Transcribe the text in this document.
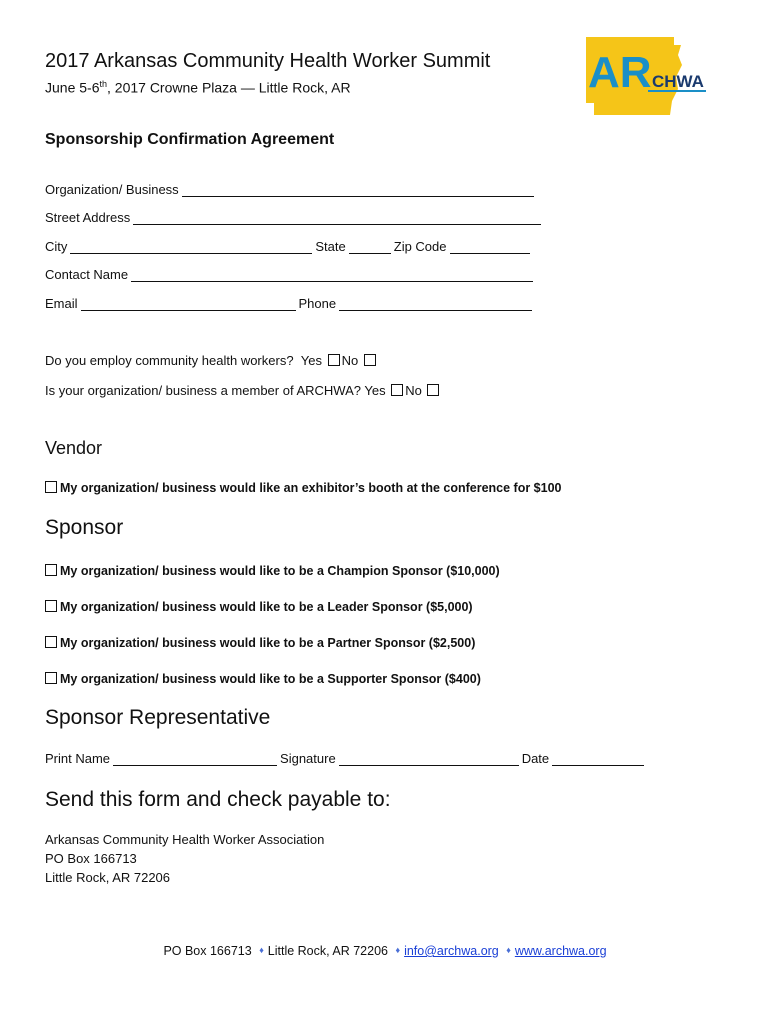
2017 Arkansas Community Health Worker Summit
June 5-6th, 2017 Crowne Plaza — Little Rock, AR	AR CHWA
Sponsorship Confirmation Agreement
Organization/ Business
Street Address
City	State	Zip Code
Contact Name
Email	Phone
Do you employ community health workers? Yes No
Is your organization/ business a member of ARCHWA? Yes No
Vendor
My organization/ business would like an exhibitor’s booth at the conference for $100
Sponsor
My organization/ business would like to be a Champion Sponsor ($10,000)
My organization/ business would like to be a Leader Sponsor ($5,000)
My organization/ business would like to be a Partner Sponsor ($2,500)
My organization/ business would like to be a Supporter Sponsor ($400)
Sponsor Representative
Print Name	Signature	Date
Send this form and check payable to:
Arkansas Community Health Worker Association
PO Box 166713
Little Rock, AR 72206
PO Box 166713 ♦ Little Rock, AR 72206 ♦ info@archwa.org ♦ www.archwa.org
